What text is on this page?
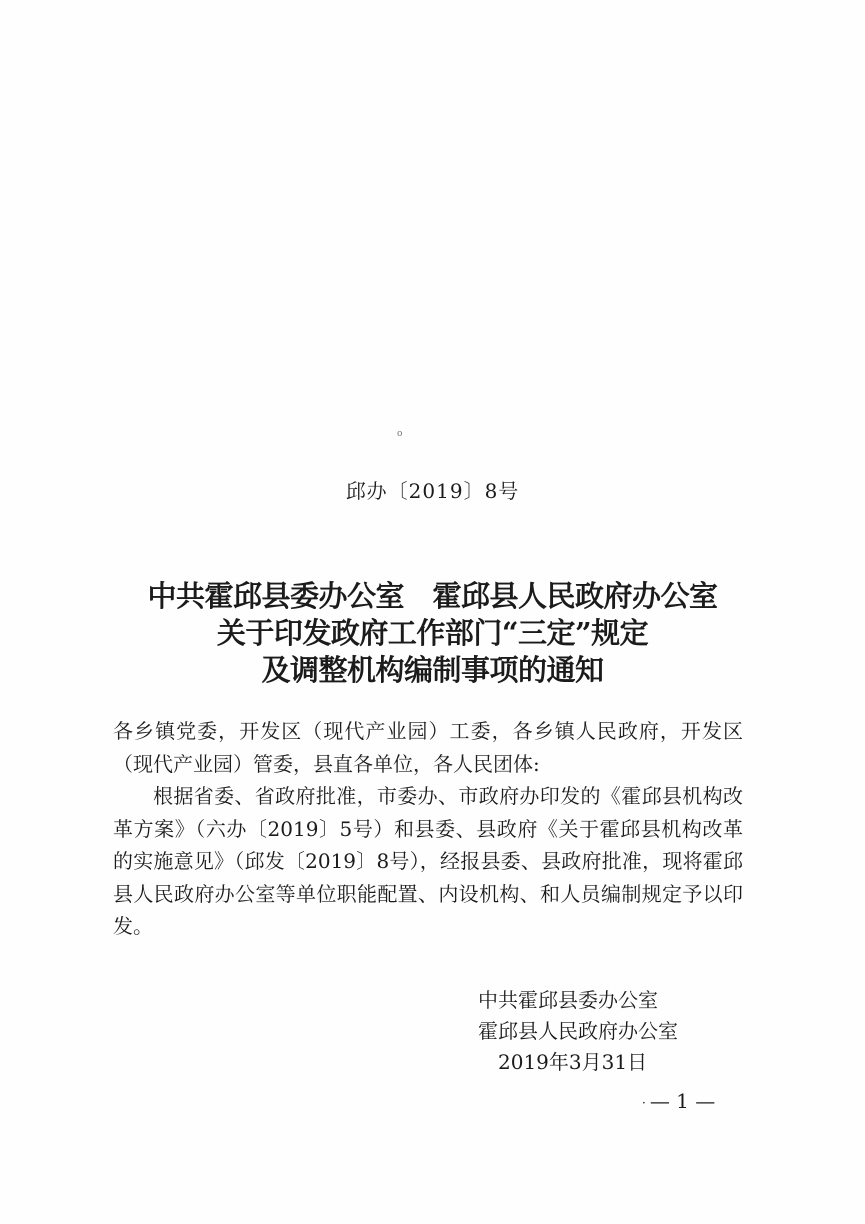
o
邱办〔2019〕8号
中共霍邱县委办公室　霍邱县人民政府办公室
关于印发政府工作部门“三定”规定
及调整机构编制事项的通知

各乡镇党委，开发区（现代产业园）工委，各乡镇人民政府，开发区（现代产业园）管委，县直各单位，各人民团体:

根据省委、省政府批准，市委办、市政府办印发的《霍邱县机构改革方案》（六办〔2019〕5号）和县委、县政府《关于霍邱县机构改革的实施意见》（邱发〔2019〕8号），经报县委、县政府批准，现将霍邱县人民政府办公室等单位职能配置、内设机构、和人员编制规定予以印发。

中共霍邱县委办公室
霍邱县人民政府办公室
2019年3月31日
· — 1 —
